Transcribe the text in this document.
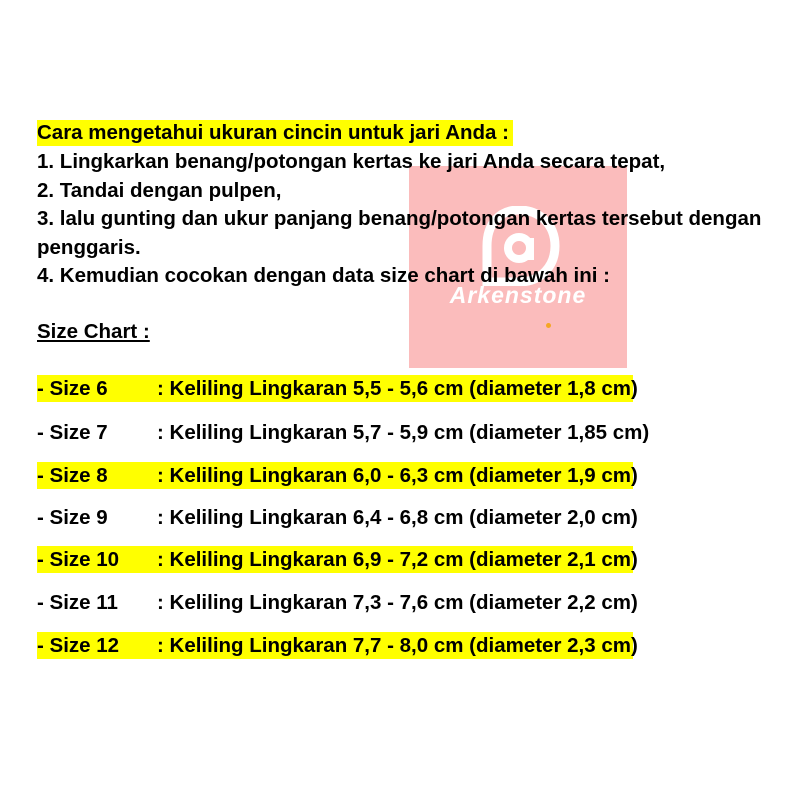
Arkenstone
Cara mengetahui ukuran cincin untuk jari Anda :
1. Lingkarkan benang/potongan kertas ke jari Anda secara tepat,
2. Tandai dengan pulpen,
3. lalu gunting dan ukur panjang benang/potongan kertas tersebut dengan
penggaris.
4. Kemudian cocokan dengan data size chart di bawah ini :
Size Chart :
- Size 6 : Keliling Lingkaran 5,5 - 5,6 cm (diameter 1,8 cm)
- Size 7 : Keliling Lingkaran 5,7 - 5,9 cm (diameter 1,85 cm)
- Size 8 : Keliling Lingkaran 6,0 - 6,3 cm (diameter 1,9 cm)
- Size 9 : Keliling Lingkaran 6,4 - 6,8 cm (diameter 2,0 cm)
- Size 10 : Keliling Lingkaran 6,9 - 7,2 cm (diameter 2,1 cm)
- Size 11 : Keliling Lingkaran 7,3 - 7,6 cm (diameter 2,2 cm)
- Size 12 : Keliling Lingkaran 7,7 - 8,0 cm (diameter 2,3 cm)
